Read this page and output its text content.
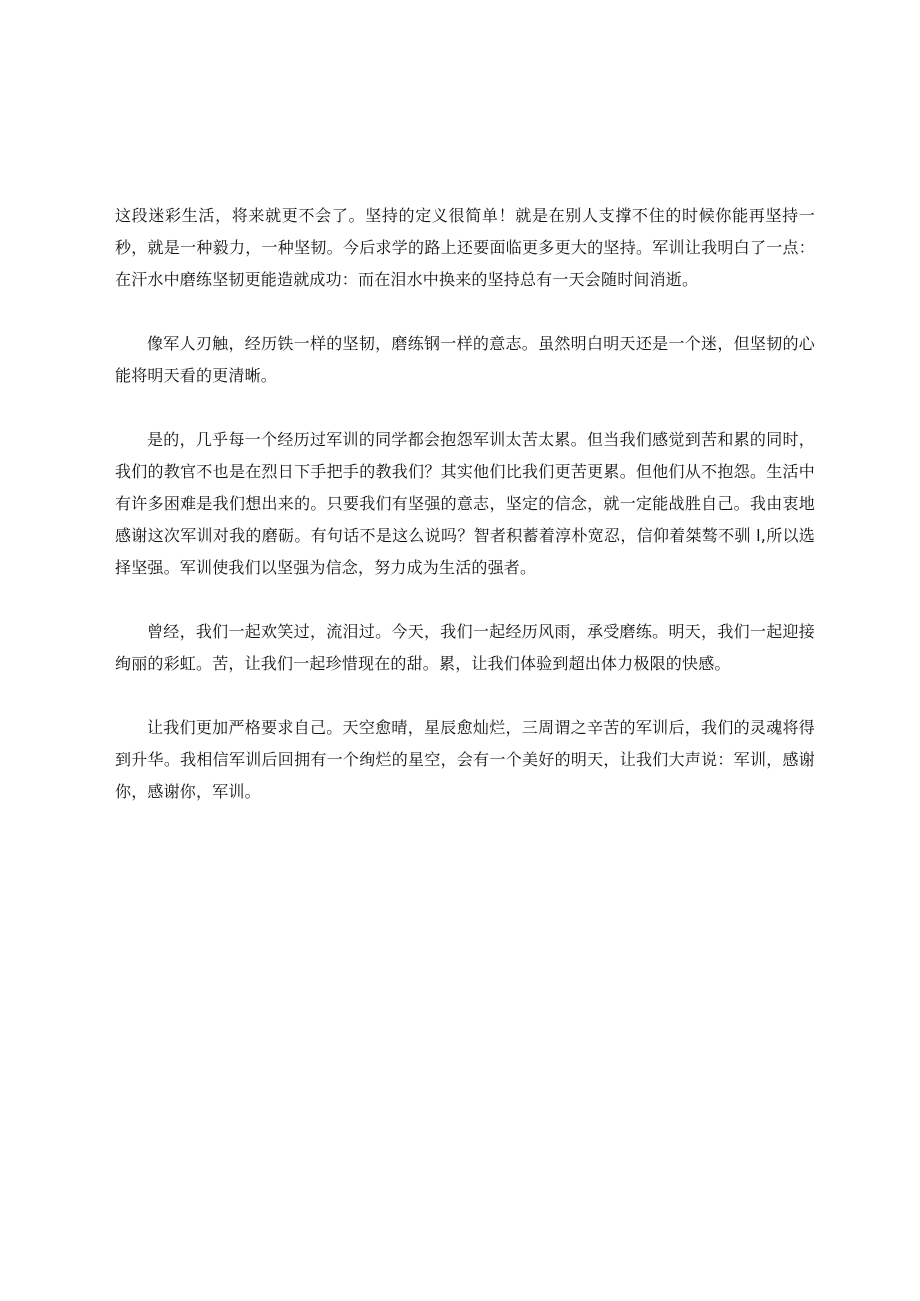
这段迷彩生活，将来就更不会了。坚持的定义很简单！就是在别人支撑不住的时候你能再坚持一秒，就是一种毅力，一种坚韧。今后求学的路上还要面临更多更大的坚持。军训让我明白了一点：在汗水中磨练坚韧更能造就成功：而在泪水中换来的坚持总有一天会随时间消逝。

像军人刃触，经历铁一样的坚韧，磨练钢一样的意志。虽然明白明天还是一个迷，但坚韧的心能将明天看的更清晰。

是的，几乎每一个经历过军训的同学都会抱怨军训太苦太累。但当我们感觉到苦和累的同时，我们的教官不也是在烈日下手把手的教我们？其实他们比我们更苦更累。但他们从不抱怨。生活中有许多困难是我们想出来的。只要我们有坚强的意志，坚定的信念，就一定能战胜自己。我由衷地感谢这次军训对我的磨砺。有句话不是这么说吗？智者积蓄着淳朴宽忍，信仰着桀骜不驯 l,所以选择坚强。军训使我们以坚强为信念，努力成为生活的强者。

曾经，我们一起欢笑过，流泪过。今天，我们一起经历风雨，承受磨练。明天，我们一起迎接绚丽的彩虹。苦，让我们一起珍惜现在的甜。累，让我们体验到超出体力极限的快感。

让我们更加严格要求自己。天空愈晴，星辰愈灿烂，三周谓之辛苦的军训后，我们的灵魂将得到升华。我相信军训后回拥有一个绚烂的星空，会有一个美好的明天，让我们大声说：军训，感谢你，感谢你，军训。
